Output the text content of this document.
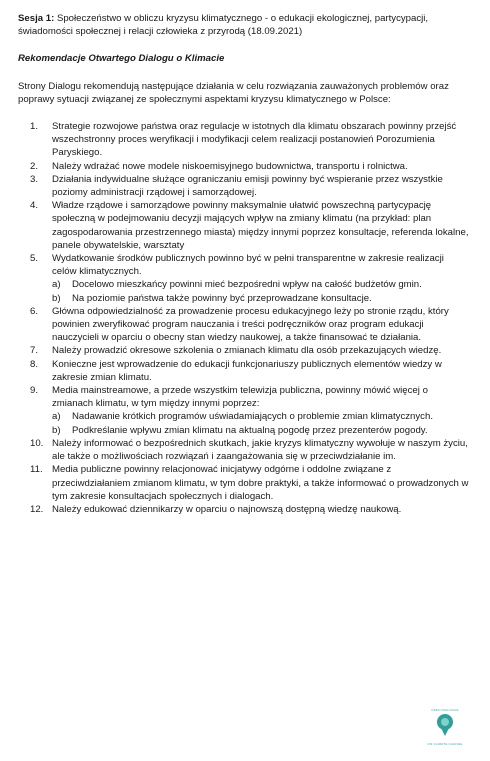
Sesja 1: Społeczeństwo w obliczu kryzysu klimatycznego - o edukacji ekologicznej, partycypacji, świadomości społecznej i relacji człowieka z przyrodą (18.09.2021)

Rekomendacje Otwartego Dialogu o Klimacie

Strony Dialogu rekomendują następujące działania w celu rozwiązania zauważonych problemów oraz poprawy sytuacji związanej ze społecznymi aspektami kryzysu klimatycznego w Polsce:

1.	Strategie rozwojowe państwa oraz regulacje w istotnych dla klimatu obszarach powinny przejść wszechstronny proces weryfikacji i modyfikacji celem realizacji postanowień Porozumienia Paryskiego.
2.	Należy wdrażać nowe modele niskoemisyjnego budownictwa, transportu i rolnictwa.
3.	Działania indywidualne służące ograniczaniu emisji powinny być wspieranie przez wszystkie poziomy administracji rządowej i samorządowej.
4.	Władze rządowe i samorządowe powinny maksymalnie ułatwić powszechną partycypację społeczną w podejmowaniu decyzji mających wpływ na zmiany klimatu (na przykład: plan zagospodarowania przestrzennego miasta) między innymi poprzez konsultacje, referenda lokalne, panele obywatelskie, warsztaty
5.	Wydatkowanie środków publicznych powinno być w pełni transparentne w zakresie realizacji celów klimatycznych.
a) Docelowo mieszkańcy powinni mieć bezpośredni wpływ na całość budżetów gmin.
b) Na poziomie państwa także powinny być przeprowadzane konsultacje.
6.	Główna odpowiedzialność za prowadzenie procesu edukacyjnego leży po stronie rządu, który powinien zweryfikować program nauczania i treści podręczników oraz program edukacji nauczycieli w oparciu o obecny stan wiedzy naukowej, a także finansować te działania.
7.	Należy prowadzić okresowe szkolenia o zmianach klimatu dla osób przekazujących wiedzę.
8.	Konieczne jest wprowadzenie do edukacji funkcjonariuszy publicznych elementów wiedzy w zakresie zmian klimatu.
9.	Media mainstreamowe, a przede wszystkim telewizja publiczna, powinny mówić więcej o zmianach klimatu, w tym między innymi poprzez:
a) Nadawanie krótkich programów uświadamiających o problemie zmian klimatycznych.
b) Podkreślanie wpływu zmian klimatu na aktualną pogodę przez prezenterów pogody.
10. Należy informować o bezpośrednich skutkach, jakie kryzys klimatyczny wywołuje w naszym życiu, ale także o możliwościach rozwiązań i zaangażowania się w przeciwdziałanie im.
11. Media publiczne powinny relacjonować inicjatywy odgórne i oddolne związane z przeciwdziałaniem zmianom klimatu, w tym dobre praktyki, a także informować o prowadzonych w tym zakresie konsultacjach społecznych i dialogach.
12. Należy edukować dziennikarzy w oparciu o najnowszą dostępną wiedzę naukową.
OPEN DIALOGUE
ON CLIMATE CHANGE
